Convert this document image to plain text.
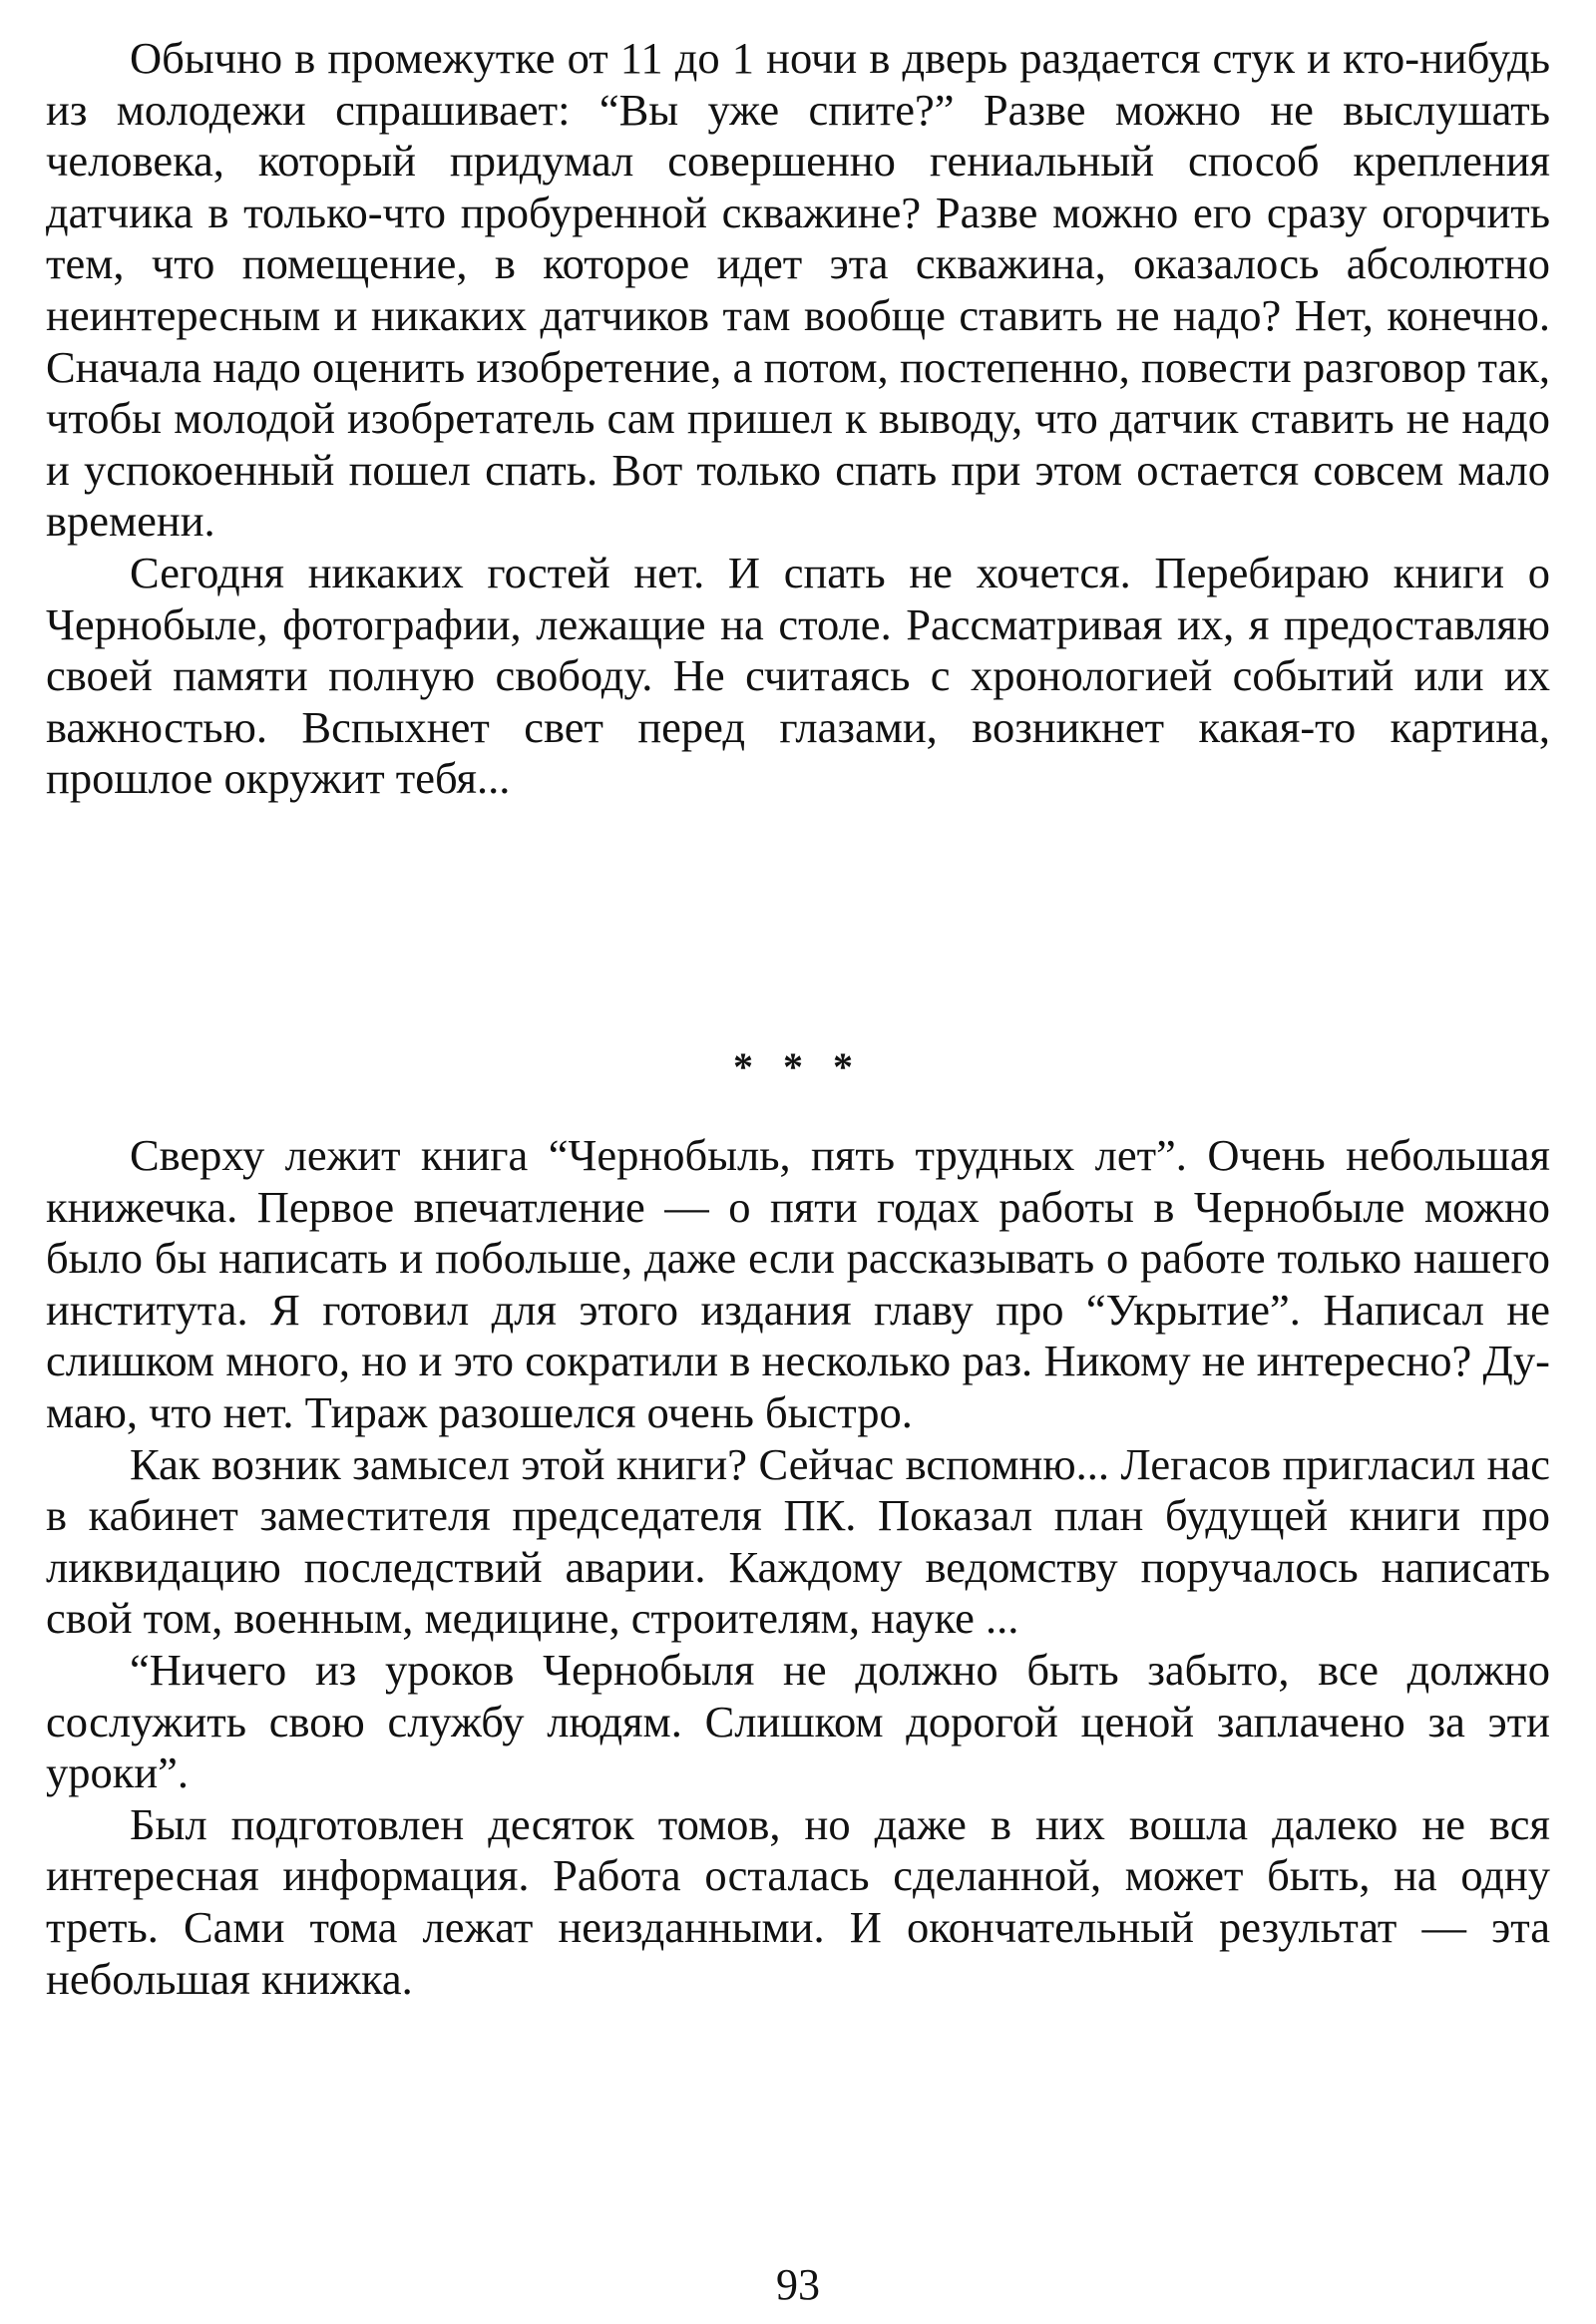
Обычно в промежутке от 11 до 1 ночи в дверь раздается стук и кто-нибудь из молодежи спрашивает: “Вы уже спите?” Разве можно не выслушать человека, который придумал совершенно гениальный способ крепления датчика в только-что пробуренной скважине? Разве можно его сразу огорчить тем, что помещение, в которое идет эта скважина, оказалось абсолютно неинтересным и никаких датчиков там вообще ставить не надо? Нет, конечно. Сначала надо оценить изобретение, а потом, постепенно, повести разговор так, чтобы молодой изобретатель сам пришел к выводу, что датчик ставить не надо и успокоенный пошел спать. Вот только спать при этом остается совсем мало времени.

Сегодня никаких гостей нет. И спать не хочется. Перебираю книги о Чернобыле, фотографии, лежащие на столе. Рассматривая их, я предоставляю своей памяти полную свободу. Не считаясь с хронологией событий или их важностью. Вспыхнет свет перед глазами, возникнет какая-то картина, прошлое окружит тебя...

* * *

Сверху лежит книга “Чернобыль, пять трудных лет”. Очень небольшая книжечка. Первое впечатление — о пяти годах работы в Чернобыле можно было бы написать и побольше, даже если рассказывать о работе только нашего института. Я готовил для этого издания главу про “Укрытие”. Написал не слишком много, но и это сократили в несколько раз. Никому не интересно? Думаю, что нет. Тираж разошелся очень быстро.

Как возник замысел этой книги? Сейчас вспомню... Легасов пригласил нас в кабинет заместителя председателя ПК. Показал план будущей книги про ликвидацию последствий аварии. Каждому ведомству поручалось написать свой том, военным, медицине, строителям, науке ...

“Ничего из уроков Чернобыля не должно быть забыто, все должно сослужить свою службу людям. Слишком дорогой ценой заплачено за эти уроки”.

Был подготовлен десяток томов, но даже в них вошла далеко не вся интересная информация. Работа осталась сделанной, может быть, на одну треть. Сами тома лежат неизданными. И окончательный результат — эта небольшая книжка.

93
